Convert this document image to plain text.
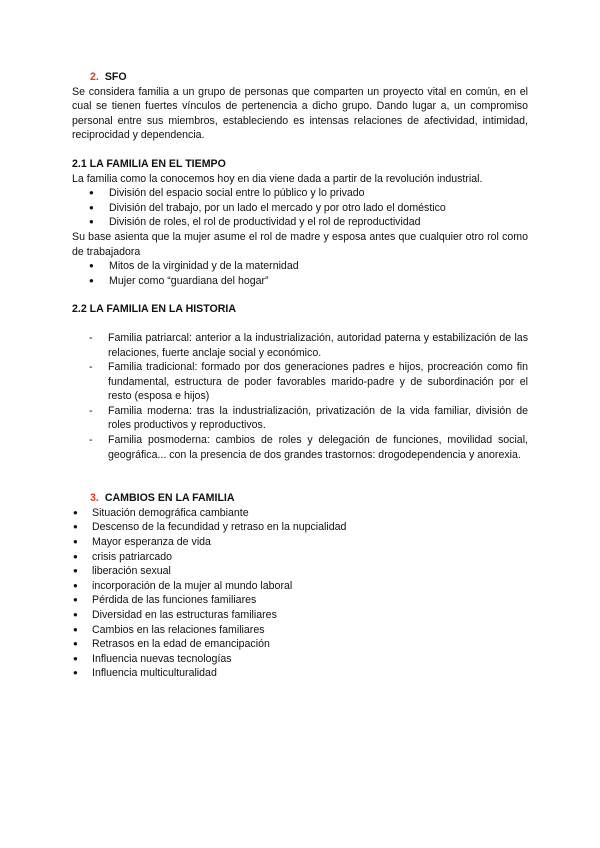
2. SFO

Se considera familia a un grupo de personas que comparten un proyecto vital en común, en el cual se tienen fuertes vínculos de pertenencia a dicho grupo. Dando lugar a, un compromiso personal entre sus miembros, estableciendo es intensas relaciones de afectividad, intimidad, reciprocidad y dependencia.

2.1 LA FAMILIA EN EL TIEMPO

La familia como la conocemos hoy en dia viene dada a partir de la revolución industrial.

● División del espacio social entre lo público y lo privado
● División del trabajo, por un lado el mercado y por otro lado el doméstico
● División de roles, el rol de productividad y el rol de reproductividad

Su base asienta que la mujer asume el rol de madre y esposa antes que cualquier otro rol como de trabajadora

● Mitos de la virginidad y de la maternidad
● Mujer como “guardiana del hogar”
2.2 LA FAMILIA EN LA HISTORIA
- Familia patriarcal: anterior a la industrialización, autoridad paterna y estabilización de las relaciones, fuerte anclaje social y económico.
- Familia tradicional: formado por dos generaciones padres e hijos, procreación como fin fundamental, estructura de poder favorables marido-padre y de subordinación por el resto (esposa e hijos)
- Familia moderna: tras la industrialización, privatización de la vida familiar, división de roles productivos y reproductivos.
- Familia posmoderna: cambios de roles y delegación de funciones, movilidad social, geográfica... con la presencia de dos grandes trastornos: drogodependencia y anorexia.
3. CAMBIOS EN LA FAMILIA
● Situación demográfica cambiante
● Descenso de la fecundidad y retraso en la nupcialidad
● Mayor esperanza de vida
● crisis patriarcado
● liberación sexual
● incorporación de la mujer al mundo laboral
● Pérdida de las funciones familiares
● Diversidad en las estructuras familiares
● Cambios en las relaciones familiares
● Retrasos en la edad de emancipación
● Influencia nuevas tecnologías
● Influencia multiculturalidad
